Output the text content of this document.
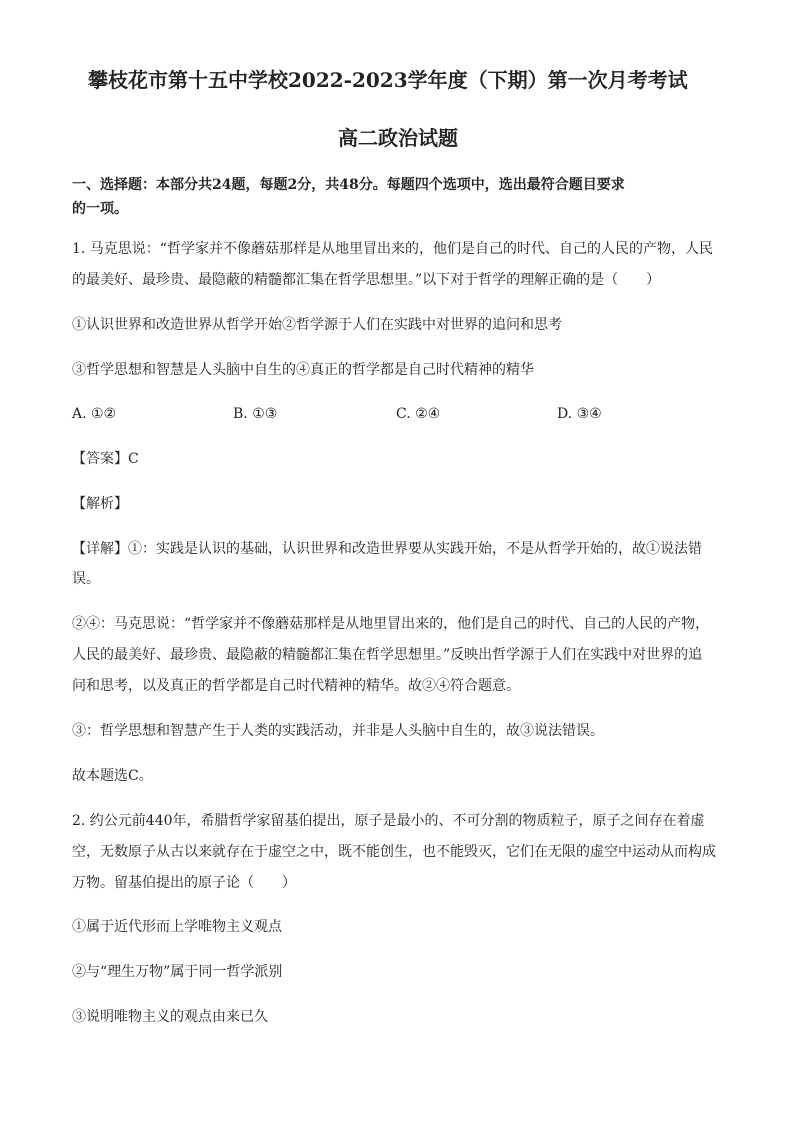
攀枝花市第十五中学校2022-2023学年度（下期）第一次月考考试
高二政治试题
一、选择题：本部分共24题，每题2分，共48分。每题四个选项中，选出最符合题目要求
的一项。
1. 马克思说：“哲学家并不像蘑菇那样是从地里冒出来的，他们是自己的时代、自己的人民的产物，人民
的最美好、最珍贵、最隐蔽的精髓都汇集在哲学思想里。”以下对于哲学的理解正确的是（　　）
①认识世界和改造世界从哲学开始②哲学源于人们在实践中对世界的追问和思考
③哲学思想和智慧是人头脑中自生的④真正的哲学都是自己时代精神的精华
A. ①②	B. ①③	C. ②④	D. ③④
【答案】C
【解析】
【详解】①：实践是认识的基础，认识世界和改造世界要从实践开始，不是从哲学开始的，故①说法错
误。
②④：马克思说：“哲学家并不像蘑菇那样是从地里冒出来的，他们是自己的时代、自己的人民的产物，
人民的最美好、最珍贵、最隐蔽的精髓都汇集在哲学思想里。”反映出哲学源于人们在实践中对世界的追
问和思考，以及真正的哲学都是自己时代精神的精华。故②④符合题意。
③：哲学思想和智慧产生于人类的实践活动，并非是人头脑中自生的，故③说法错误。
故本题选C。
2. 约公元前440年，希腊哲学家留基伯提出，原子是最小的、不可分割的物质粒子，原子之间存在着虚
空，无数原子从古以来就存在于虚空之中，既不能创生，也不能毁灭，它们在无限的虚空中运动从而构成
万物。留基伯提出的原子论（　　）
①属于近代形而上学唯物主义观点
②与“理生万物”属于同一哲学派别
③说明唯物主义的观点由来已久
